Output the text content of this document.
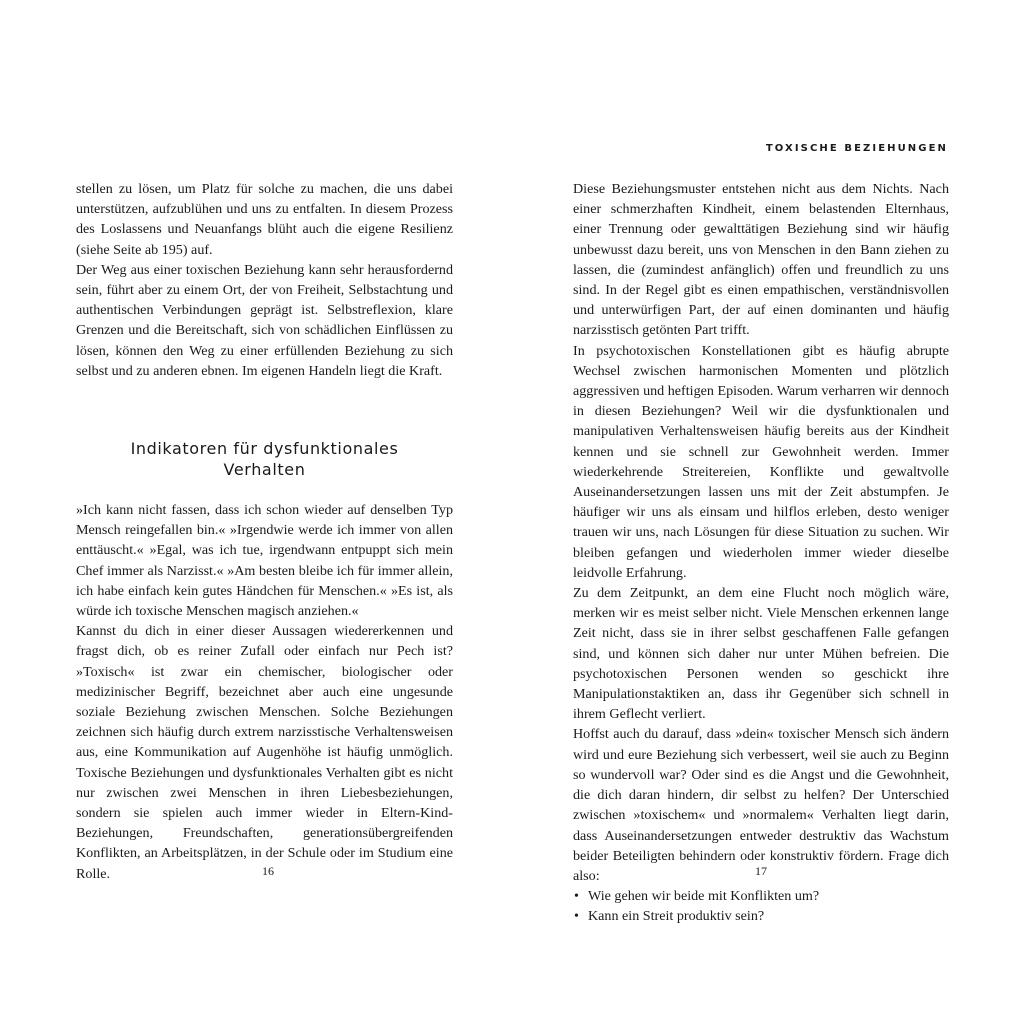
stellen zu lösen, um Platz für solche zu machen, die uns dabei unterstützen, aufzublühen und uns zu entfalten. In diesem Prozess des Loslassens und Neuanfangs blüht auch die eigene Resilienz (siehe Seite ab 195) auf.

Der Weg aus einer toxischen Beziehung kann sehr herausfordernd sein, führt aber zu einem Ort, der von Freiheit, Selbstachtung und authentischen Verbindungen geprägt ist. Selbstreflexion, klare Grenzen und die Bereitschaft, sich von schädlichen Einflüssen zu lösen, können den Weg zu einer erfüllenden Beziehung zu sich selbst und zu anderen ebnen. Im eigenen Handeln liegt die Kraft.

Indikatoren für dysfunktionales
Verhalten

»Ich kann nicht fassen, dass ich schon wieder auf denselben Typ Mensch reingefallen bin.« »Irgendwie werde ich immer von allen enttäuscht.« »Egal, was ich tue, irgendwann entpuppt sich mein Chef immer als Narzisst.« »Am besten bleibe ich für immer allein, ich habe einfach kein gutes Händchen für Menschen.« »Es ist, als würde ich toxische Menschen magisch anziehen.«

Kannst du dich in einer dieser Aussagen wiedererkennen und fragst dich, ob es reiner Zufall oder einfach nur Pech ist? »Toxisch« ist zwar ein chemischer, biologischer oder medizinischer Begriff, bezeichnet aber auch eine ungesunde soziale Beziehung zwischen Menschen. Solche Beziehungen zeichnen sich häufig durch extrem narzisstische Verhaltensweisen aus, eine Kommunikation auf Augenhöhe ist häufig unmöglich. Toxische Beziehungen und dysfunktionales Verhalten gibt es nicht nur zwischen zwei Menschen in ihren Liebesbeziehungen, sondern sie spielen auch immer wieder in Eltern-Kind-Beziehungen, Freundschaften, generationsübergreifenden Konflikten, an Arbeitsplätzen, in der Schule oder im Studium eine Rolle.	16
TOXISCHE BEZIEHUNGEN

Diese Beziehungsmuster entstehen nicht aus dem Nichts. Nach einer schmerzhaften Kindheit, einem belastenden Elternhaus, einer Trennung oder gewalttätigen Beziehung sind wir häufig unbewusst dazu bereit, uns von Menschen in den Bann ziehen zu lassen, die (zumindest anfänglich) offen und freundlich zu uns sind. In der Regel gibt es einen empathischen, verständnisvollen und unterwürfigen Part, der auf einen dominanten und häufig narzisstisch getönten Part trifft.

In psychotoxischen Konstellationen gibt es häufig abrupte Wechsel zwischen harmonischen Momenten und plötzlich aggressiven und heftigen Episoden. Warum verharren wir dennoch in diesen Beziehungen? Weil wir die dysfunktionalen und manipulativen Verhaltensweisen häufig bereits aus der Kindheit kennen und sie schnell zur Gewohnheit werden. Immer wiederkehrende Streitereien, Konflikte und gewaltvolle Auseinandersetzungen lassen uns mit der Zeit abstumpfen. Je häufiger wir uns als einsam und hilflos erleben, desto weniger trauen wir uns, nach Lösungen für diese Situation zu suchen. Wir bleiben gefangen und wiederholen immer wieder dieselbe leidvolle Erfahrung.

Zu dem Zeitpunkt, an dem eine Flucht noch möglich wäre, merken wir es meist selber nicht. Viele Menschen erkennen lange Zeit nicht, dass sie in ihrer selbst geschaffenen Falle gefangen sind, und können sich daher nur unter Mühen befreien. Die psychotoxischen Personen wenden so geschickt ihre Manipulationstaktiken an, dass ihr Gegenüber sich schnell in ihrem Geflecht verliert.

Hoffst auch du darauf, dass »dein« toxischer Mensch sich ändern wird und eure Beziehung sich verbessert, weil sie auch zu Beginn so wundervoll war? Oder sind es die Angst und die Gewohnheit, die dich daran hindern, dir selbst zu helfen? Der Unterschied zwischen »toxischem« und »normalem« Verhalten liegt darin, dass Auseinandersetzungen entweder destruktiv das Wachstum beider Beteiligten behindern oder konstruktiv fördern. Frage dich also:

• Wie gehen wir beide mit Konflikten um?
• Kann ein Streit produktiv sein?
17
